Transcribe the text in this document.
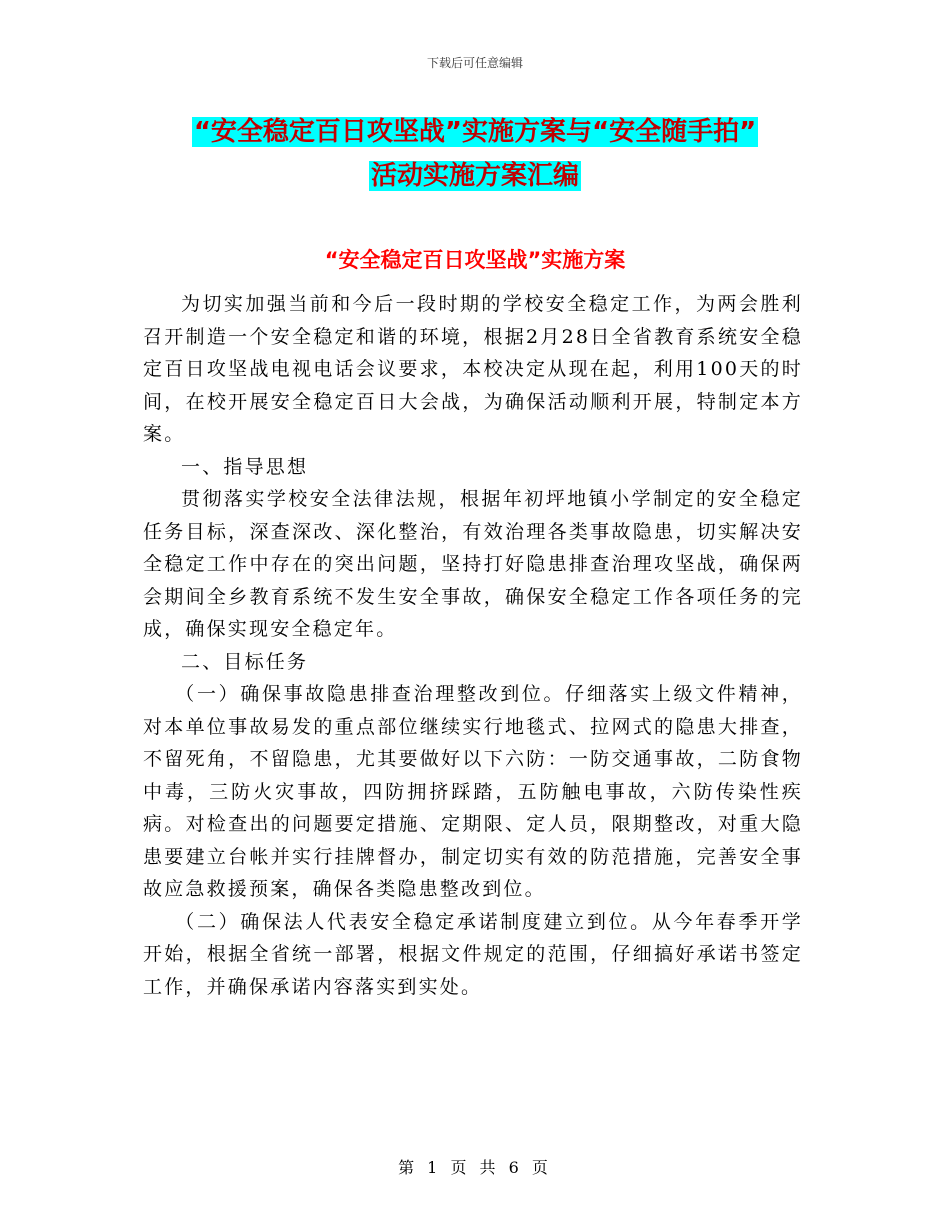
下载后可任意编辑
“安全稳定百日攻坚战”实施方案与“安全随手拍”
活动实施方案汇编
“安全稳定百日攻坚战”实施方案

为切实加强当前和今后一段时期的学校安全稳定工作，为两会胜利召开制造一个安全稳定和谐的环境，根据2月28日全省教育系统安全稳定百日攻坚战电视电话会议要求，本校决定从现在起，利用100天的时间，在校开展安全稳定百日大会战，为确保活动顺利开展，特制定本方案。

一、指导思想

贯彻落实学校安全法律法规，根据年初坪地镇小学制定的安全稳定任务目标，深查深改、深化整治，有效治理各类事故隐患，切实解决安全稳定工作中存在的突出问题，坚持打好隐患排查治理攻坚战，确保两会期间全乡教育系统不发生安全事故，确保安全稳定工作各项任务的完成，确保实现安全稳定年。

二、目标任务

（一）确保事故隐患排查治理整改到位。仔细落实上级文件精神，对本单位事故易发的重点部位继续实行地毯式、拉网式的隐患大排查，不留死角，不留隐患，尤其要做好以下六防：一防交通事故，二防食物中毒，三防火灾事故，四防拥挤踩踏，五防触电事故，六防传染性疾病。对检查出的问题要定措施、定期限、定人员，限期整改，对重大隐患要建立台帐并实行挂牌督办，制定切实有效的防范措施，完善安全事故应急救援预案，确保各类隐患整改到位。

（二）确保法人代表安全稳定承诺制度建立到位。从今年春季开学开始，根据全省统一部署，根据文件规定的范围，仔细搞好承诺书签定工作，并确保承诺内容落实到实处。

第 1 页 共 6 页
